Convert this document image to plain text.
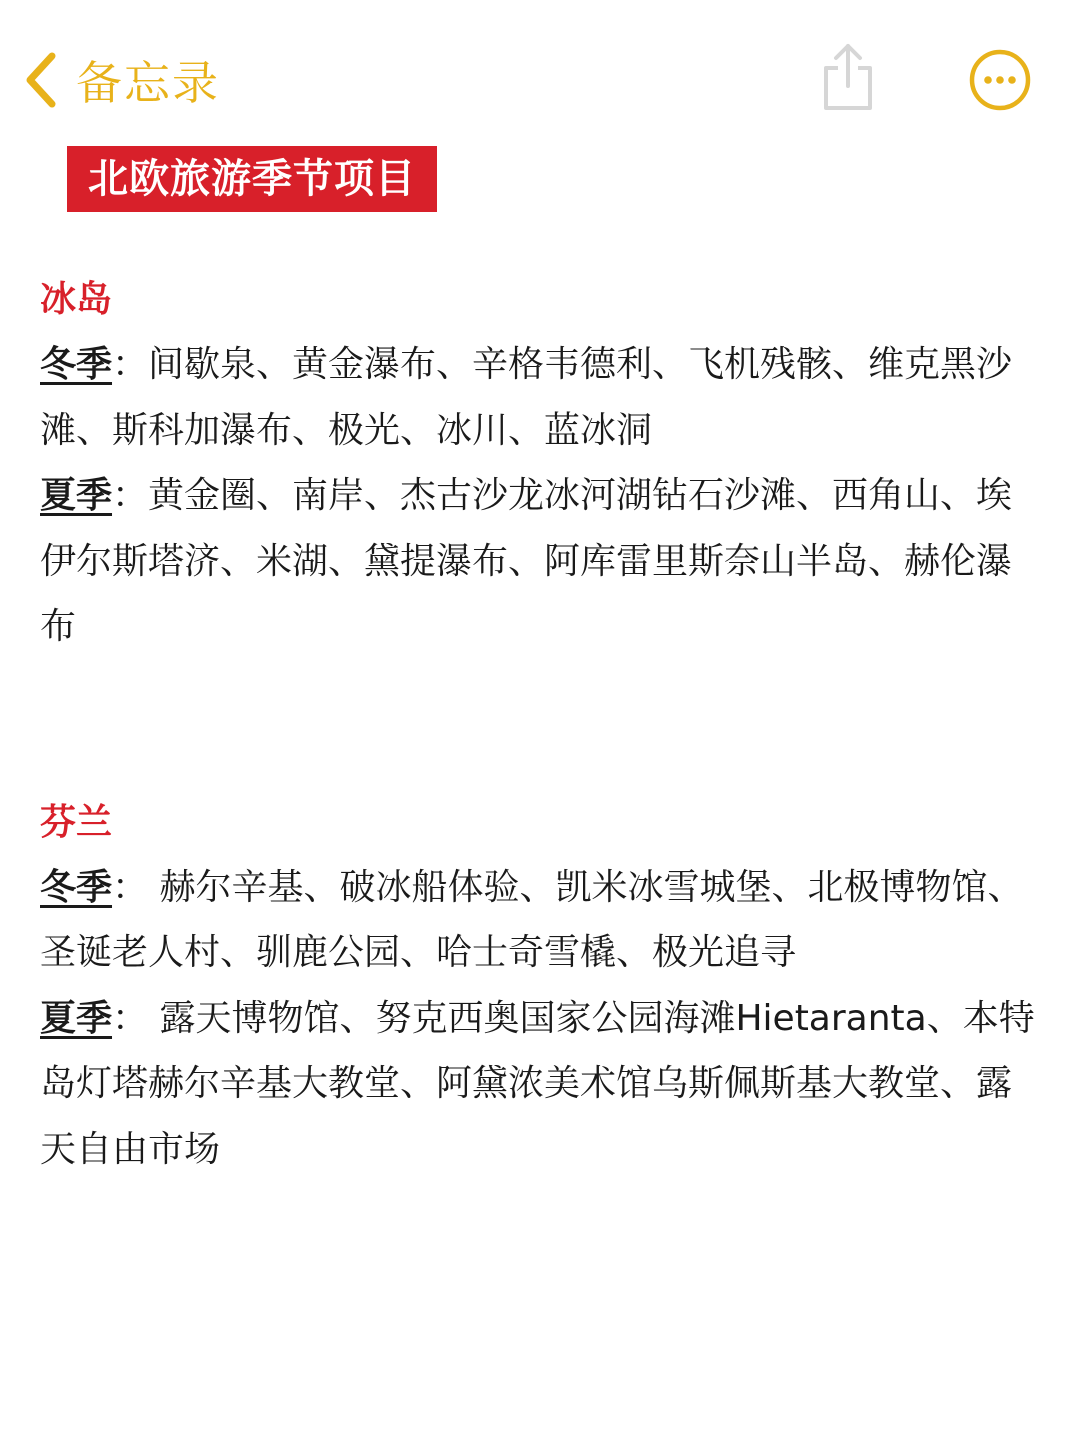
备忘录
北欧旅游季节项目
冰岛

冬季：间歇泉、黄金瀑布、辛格韦德利、飞机残骸、维克黑沙滩、斯科加瀑布、极光、冰川、蓝冰洞

夏季：黄金圈、南岸、杰古沙龙冰河湖钻石沙滩、西角山、埃伊尔斯塔济、米湖、黛提瀑布、阿库雷里斯奈山半岛、赫伦瀑布

芬兰

冬季： 赫尔辛基、破冰船体验、凯米冰雪城堡、北极博物馆、圣诞老人村、驯鹿公园、哈士奇雪橇、极光追寻

夏季： 露天博物馆、努克西奥国家公园海滩Hietaranta、本特岛灯塔赫尔辛基大教堂、阿黛浓美术馆乌斯佩斯基大教堂、露天自由市场
